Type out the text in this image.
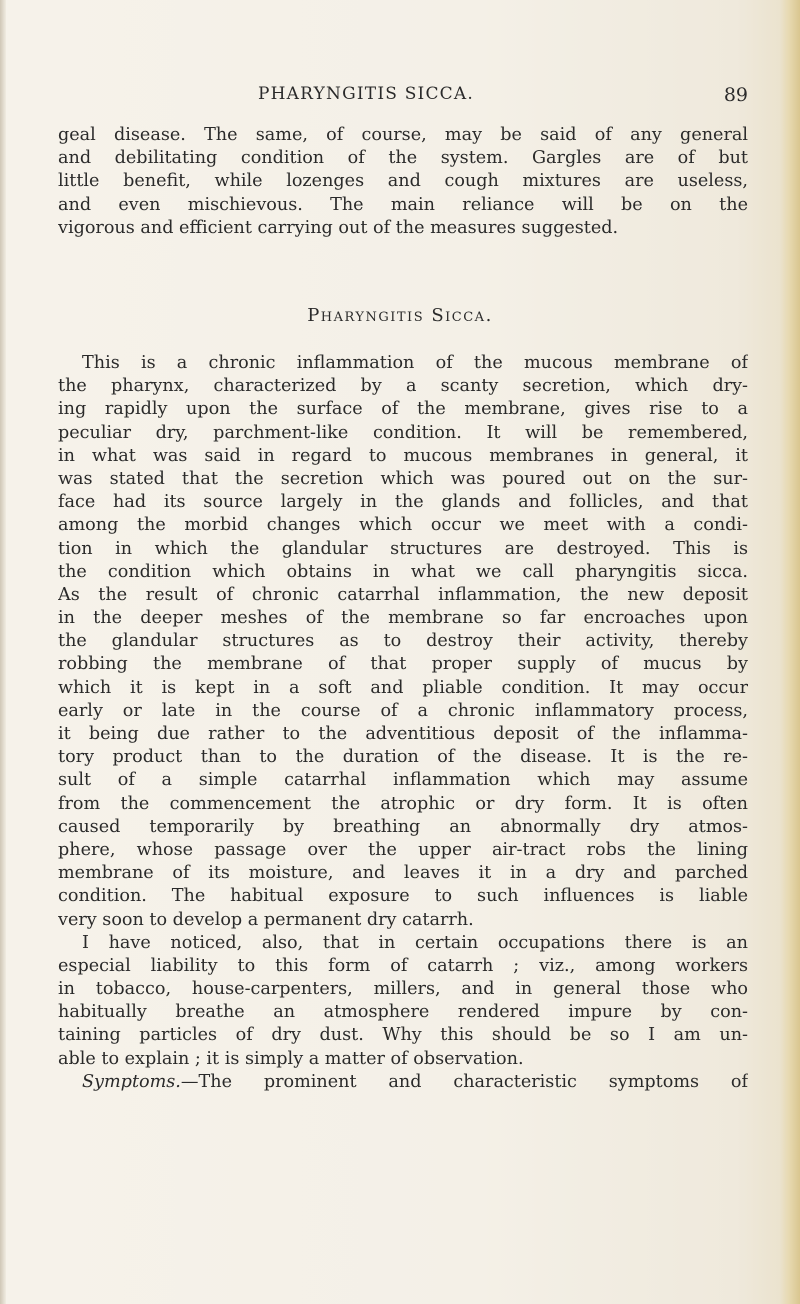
PHARYNGITIS SICCA.	89
geal disease. The same, of course, may be said of any general
and debilitating condition of the system. Gargles are of but
little benefit, while lozenges and cough mixtures are useless,
and even mischievous. The main reliance will be on the
vigorous and efficient carrying out of the measures suggested.
Pharyngitis Sicca.
This is a chronic inflammation of the mucous membrane of
the pharynx, characterized by a scanty secretion, which dry-
ing rapidly upon the surface of the membrane, gives rise to a
peculiar dry, parchment-like condition. It will be remembered,
in what was said in regard to mucous membranes in general, it
was stated that the secretion which was poured out on the sur-
face had its source largely in the glands and follicles, and that
among the morbid changes which occur we meet with a condi-
tion in which the glandular structures are destroyed. This is
the condition which obtains in what we call pharyngitis sicca.
As the result of chronic catarrhal inflammation, the new deposit
in the deeper meshes of the membrane so far encroaches upon
the glandular structures as to destroy their activity, thereby
robbing the membrane of that proper supply of mucus by
which it is kept in a soft and pliable condition. It may occur
early or late in the course of a chronic inflammatory process,
it being due rather to the adventitious deposit of the inflamma-
tory product than to the duration of the disease. It is the re-
sult of a simple catarrhal inflammation which may assume
from the commencement the atrophic or dry form. It is often
caused temporarily by breathing an abnormally dry atmos-
phere, whose passage over the upper air-tract robs the lining
membrane of its moisture, and leaves it in a dry and parched
condition. The habitual exposure to such influences is liable
very soon to develop a permanent dry catarrh.
I have noticed, also, that in certain occupations there is an
especial liability to this form of catarrh ; viz., among workers
in tobacco, house-carpenters, millers, and in general those who
habitually breathe an atmosphere rendered impure by con-
taining particles of dry dust. Why this should be so I am un-
able to explain ; it is simply a matter of observation.
Symptoms.—The prominent and characteristic symptoms of
